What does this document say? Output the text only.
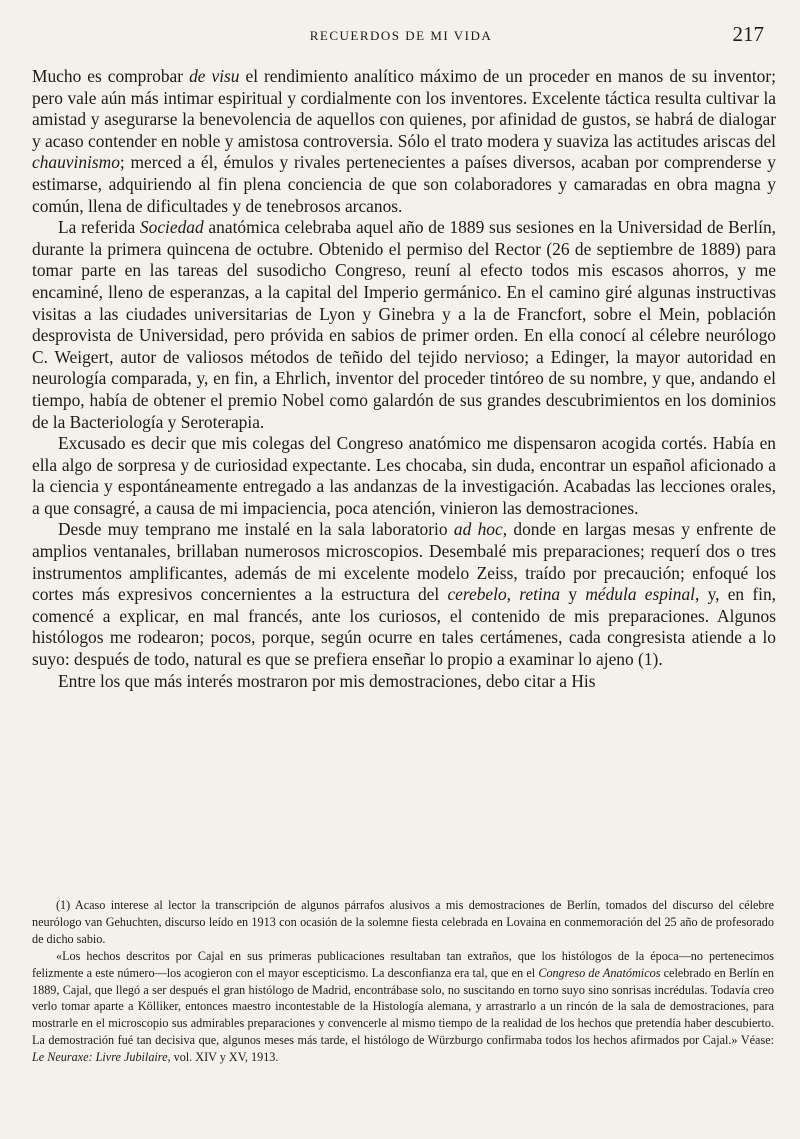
RECUERDOS DE MI VIDA	217

Mucho es comprobar de visu el rendimiento analítico máximo de un proceder en manos de su inventor; pero vale aún más intimar espiritual y cordialmente con los inventores. Excelente táctica resulta cultivar la amistad y asegurarse la benevolencia de aquellos con quienes, por afinidad de gustos, se habrá de dialogar y acaso contender en noble y amistosa controversia. Sólo el trato modera y suaviza las actitudes ariscas del chauvinismo; merced a él, émulos y rivales pertenecientes a países diversos, acaban por comprenderse y estimarse, adquiriendo al fin plena conciencia de que son colaboradores y camaradas en obra magna y común, llena de dificultades y de tenebrosos arcanos.

La referida Sociedad anatómica celebraba aquel año de 1889 sus sesiones en la Universidad de Berlín, durante la primera quincena de octubre. Obtenido el permiso del Rector (26 de septiembre de 1889) para tomar parte en las tareas del susodicho Congreso, reuní al efecto todos mis escasos ahorros, y me encaminé, lleno de esperanzas, a la capital del Imperio germánico. En el camino giré algunas instructivas visitas a las ciudades universitarias de Lyon y Ginebra y a la de Francfort, sobre el Mein, población desprovista de Universidad, pero próvida en sabios de primer orden. En ella conocí al célebre neurólogo C. Weigert, autor de valiosos métodos de teñido del tejido nervioso; a Edinger, la mayor autoridad en neurología comparada, y, en fin, a Ehrlich, inventor del proceder tintóreo de su nombre, y que, andando el tiempo, había de obtener el premio Nobel como galardón de sus grandes descubrimientos en los dominios de la Bacteriología y Seroterapia.

Excusado es decir que mis colegas del Congreso anatómico me dispensaron acogida cortés. Había en ella algo de sorpresa y de curiosidad expectante. Les chocaba, sin duda, encontrar un español aficionado a la ciencia y espontáneamente entregado a las andanzas de la investigación. Acabadas las lecciones orales, a que consagré, a causa de mi impaciencia, poca atención, vinieron las demostraciones.

Desde muy temprano me instalé en la sala laboratorio ad hoc, donde en largas mesas y enfrente de amplios ventanales, brillaban numerosos microscopios. Desembalé mis preparaciones; requerí dos o tres instrumentos amplificantes, además de mi excelente modelo Zeiss, traído por precaución; enfoqué los cortes más expresivos concernientes a la estructura del cerebelo, retina y médula espinal, y, en fin, comencé a explicar, en mal francés, ante los curiosos, el contenido de mis preparaciones. Algunos histólogos me rodearon; pocos, porque, según ocurre en tales certámenes, cada congresista atiende a lo suyo: después de todo, natural es que se prefiera enseñar lo propio a examinar lo ajeno (1).

Entre los que más interés mostraron por mis demostraciones, debo citar a His

(1) Acaso interese al lector la transcripción de algunos párrafos alusivos a mis demostraciones de Berlín, tomados del discurso del célebre neurólogo van Gehuchten, discurso leído en 1913 con ocasión de la solemne fiesta celebrada en Lovaina en conmemoración del 25 año de profesorado de dicho sabio.

«Los hechos descritos por Cajal en sus primeras publicaciones resultaban tan extraños, que los histólogos de la época—no pertenecimos felizmente a este número—los acogieron con el mayor escepticismo. La desconfianza era tal, que en el Congreso de Anatómicos celebrado en Berlín en 1889, Cajal, que llegó a ser después el gran histólogo de Madrid, encontrábase solo, no suscitando en torno suyo sino sonrisas incrédulas. Todavía creo verlo tomar aparte a Kölliker, entonces maestro incontestable de la Histología alemana, y arrastrarlo a un rincón de la sala de demostraciones, para mostrarle en el microscopio sus admirables preparaciones y convencerle al mismo tiempo de la realidad de los hechos que pretendía haber descubierto. La demostración fué tan decisiva que, algunos meses más tarde, el histólogo de Würzburgo confirmaba todos los hechos afirmados por Cajal.» Véase: Le Neuraxe: Livre Jubilaire, vol. XIV y XV, 1913.
